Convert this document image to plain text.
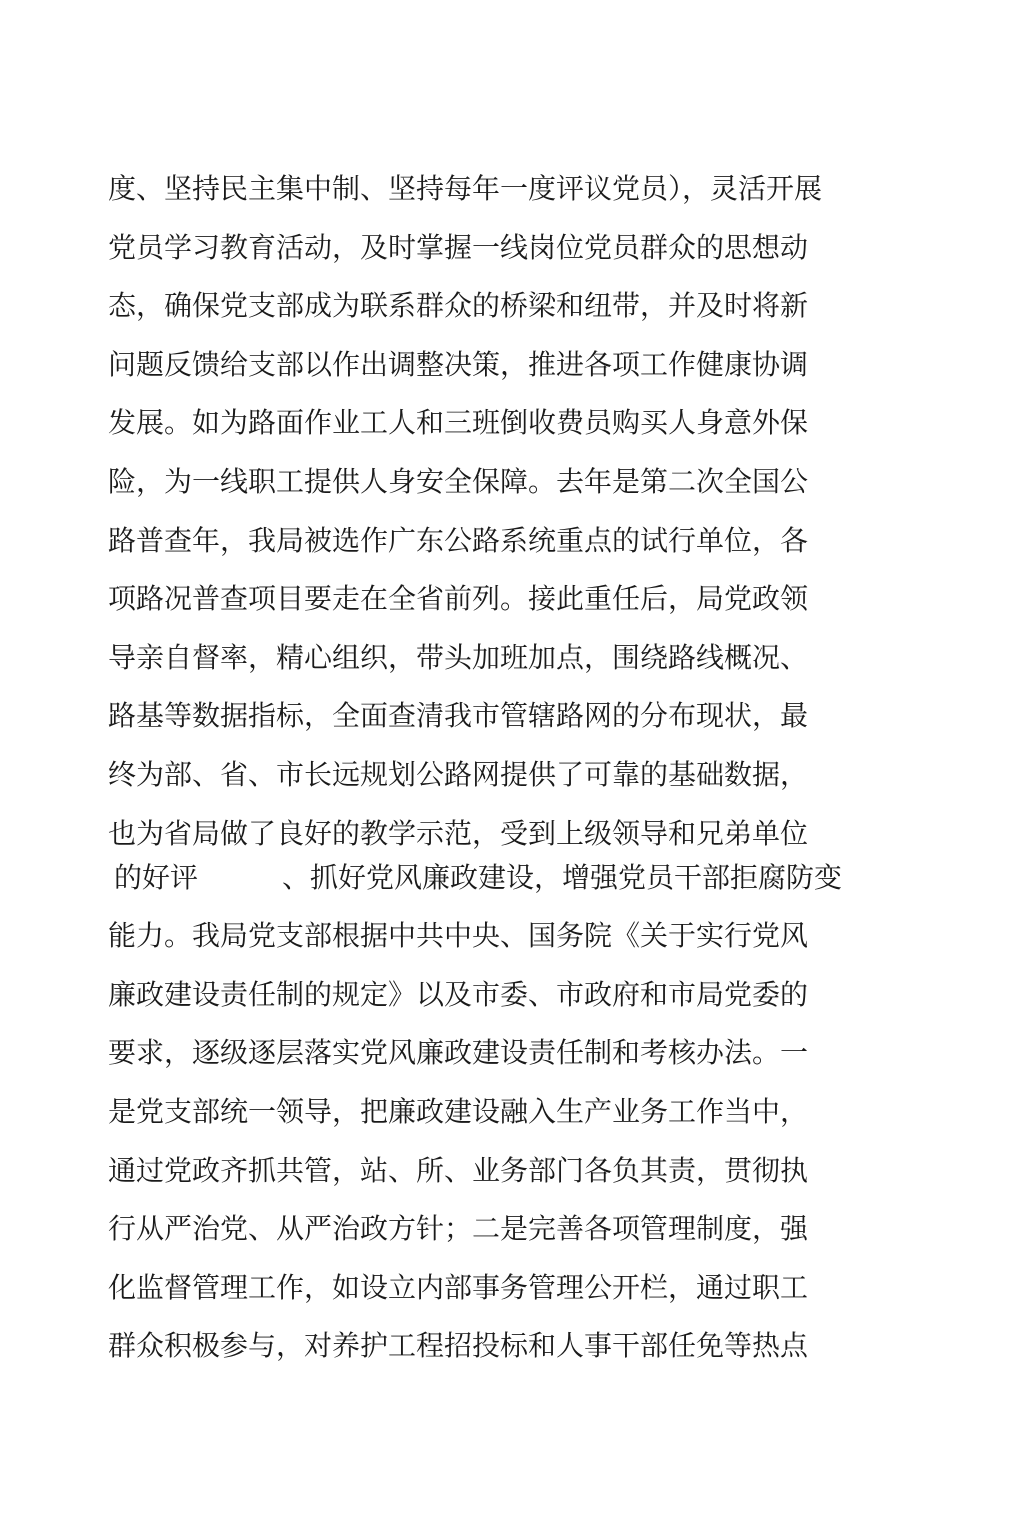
度、坚持民主集中制、坚持每年一度评议党员），灵活开展
党员学习教育活动，及时掌握一线岗位党员群众的思想动
态，确保党支部成为联系群众的桥梁和纽带，并及时将新
问题反馈给支部以作出调整决策，推进各项工作健康协调
发展。如为路面作业工人和三班倒收费员购买人身意外保
险，为一线职工提供人身安全保障。去年是第二次全国公
路普查年，我局被选作广东公路系统重点的试行单位，各
项路况普查项目要走在全省前列。接此重任后，局党政领
导亲自督率，精心组织，带头加班加点，围绕路线概况、
路基等数据指标，全面查清我市管辖路网的分布现状，最
终为部、省、市长远规划公路网提供了可靠的基础数据，
也为省局做了良好的教学示范，受到上级领导和兄弟单位
的好评　　　、抓好党风廉政建设，增强党员干部拒腐防变
能力。我局党支部根据中共中央、国务院《关于实行党风
廉政建设责任制的规定》以及市委、市政府和市局党委的
要求，逐级逐层落实党风廉政建设责任制和考核办法。一
是党支部统一领导，把廉政建设融入生产业务工作当中，
通过党政齐抓共管，站、所、业务部门各负其责，贯彻执
行从严治党、从严治政方针；二是完善各项管理制度，强
化监督管理工作，如设立内部事务管理公开栏，通过职工
群众积极参与，对养护工程招投标和人事干部任免等热点
